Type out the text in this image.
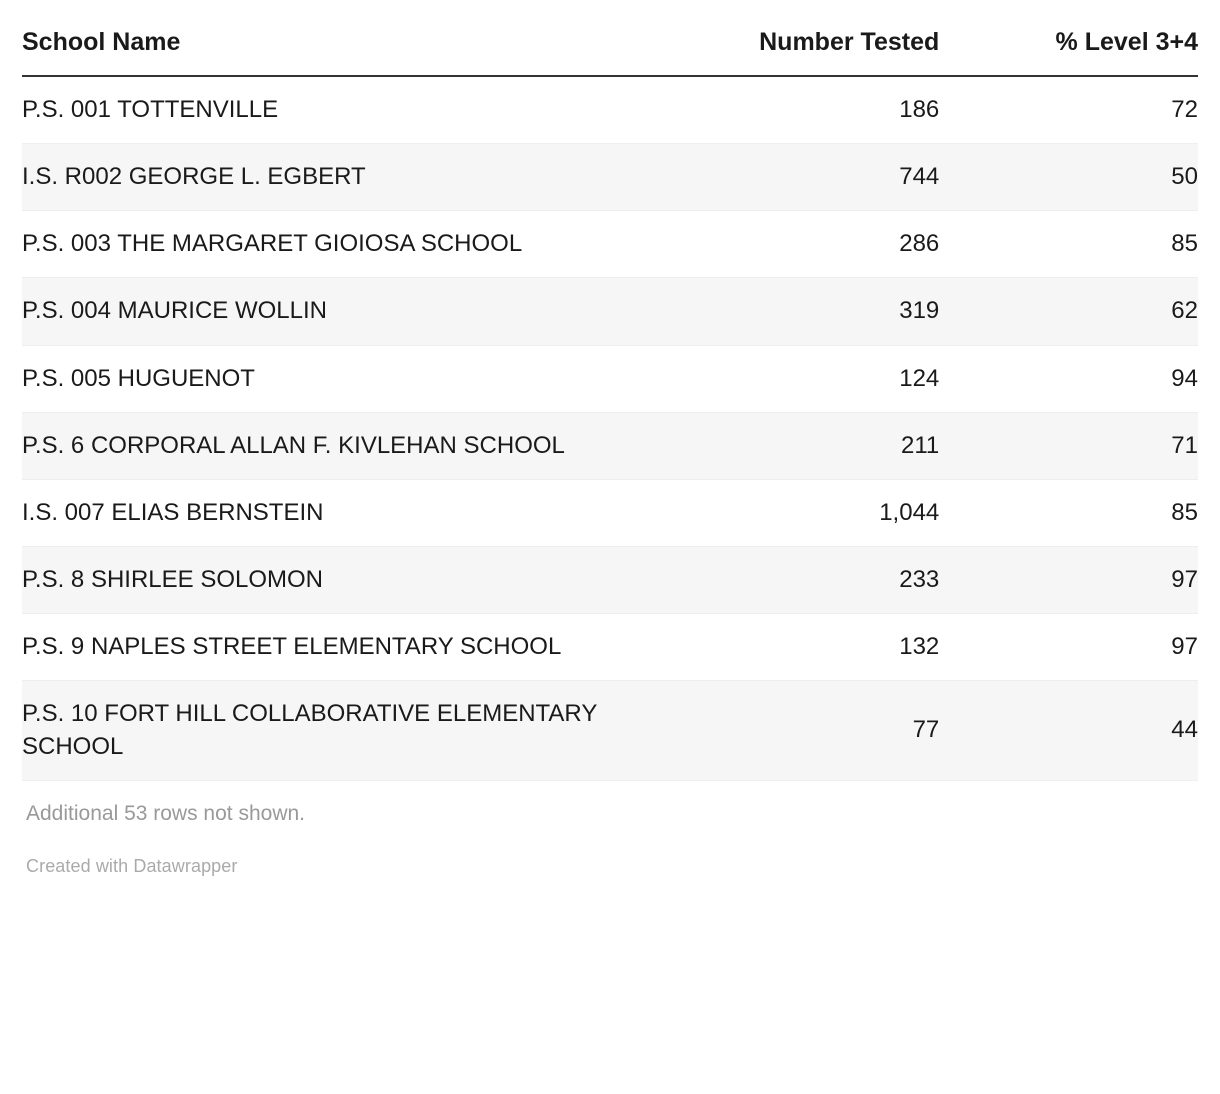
School Name	Number Tested	% Level 3+4
P.S. 001 TOTTENVILLE	186	72
I.S. R002 GEORGE L. EGBERT	744	50
P.S. 003 THE MARGARET GIOIOSA SCHOOL	286	85
P.S. 004 MAURICE WOLLIN	319	62
P.S. 005 HUGUENOT	124	94
P.S. 6 CORPORAL ALLAN F. KIVLEHAN SCHOOL	211	71
I.S. 007 ELIAS BERNSTEIN	1,044	85
P.S. 8 SHIRLEE SOLOMON	233	97
P.S. 9 NAPLES STREET ELEMENTARY SCHOOL	132	97
P.S. 10 FORT HILL COLLABORATIVE ELEMENTARY SCHOOL	77	44
Additional 53 rows not shown.
Created with Datawrapper
